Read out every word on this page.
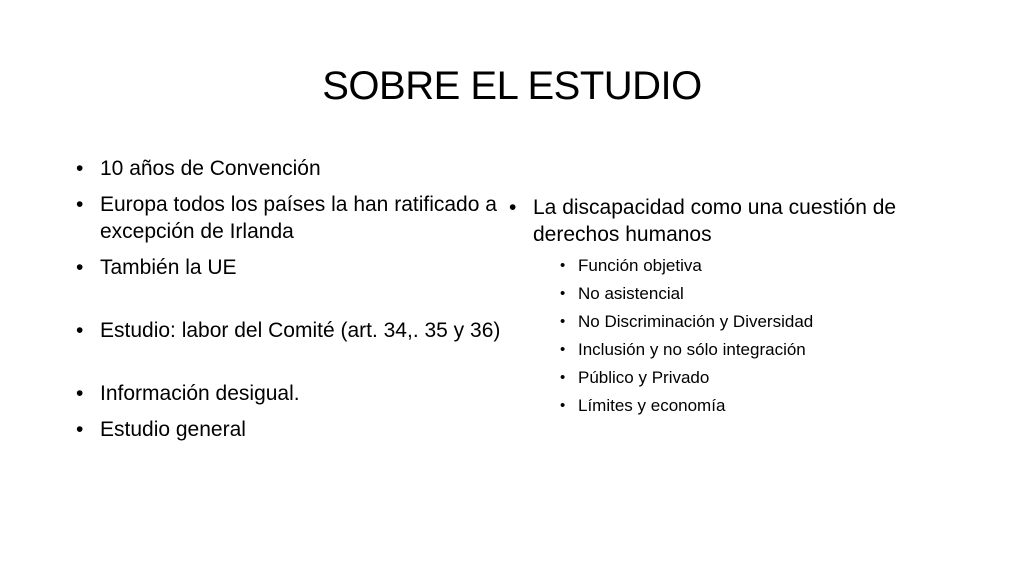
SOBRE EL ESTUDIO
• 10 años de Convención
• Europa todos los países la han ratificado a excepción de Irlanda
• También la UE
• Estudio: labor del Comité (art. 34,. 35 y 36)
• Información desigual.
• Estudio general
• La discapacidad como una cuestión de derechos humanos
• Función objetiva
• No asistencial
• No Discriminación y Diversidad
• Inclusión y no sólo integración
• Público y Privado
• Límites y economía
